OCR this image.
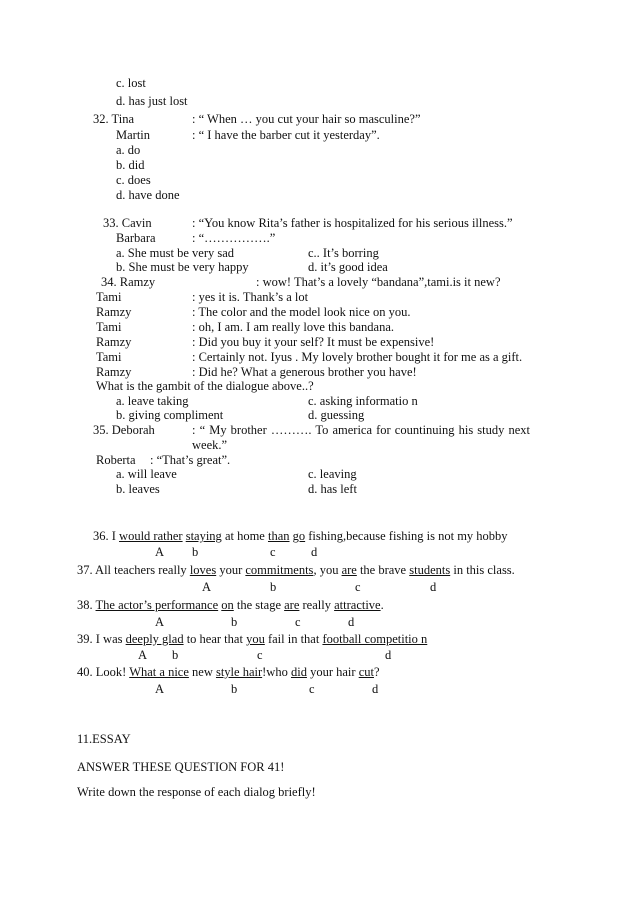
c. lost
d. has just lost
32. Tina	: “ When … you cut your hair so masculine?”
Martin	: “ I have the barber cut it yesterday”.
a. do
b. did
c. does
d. have done
33. Cavin	: “You know Rita’s father is hospitalized for his serious illness.”
Barbara	: “…………….”
a. She must be very sad	c.. It’s borring
b. She must be very happy	d. it’s good idea
34. Ramzy	: wow! That’s a lovely “bandana”,tami.is it new?
Tami	: yes it is. Thank’s a lot
Ramzy	: The color and the model look nice on you.
Tami	: oh, I am. I am really love this bandana.
Ramzy	: Did you buy it your self? It must be expensive!
Tami	: Certainly not. Iyus . My lovely brother bought it for me as a gift.
Ramzy	: Did he? What a generous brother you have!
What is the gambit of the dialogue above..?
a. leave taking	c. asking informatio n
b. giving compliment	d. guessing
35. Deborah	: “ My brother ………. To america for countinuing his study next
week.”
Roberta : “That’s great”.
a. will leave	c. leaving
b. leaves	d. has left
36. I would rather staying at home than go fishing,because fishing is not my hobby
A b	c	d
37. All teachers really loves your commitments, you are the brave students in this class.
A	b	c	d
38. The actor’s performance on the stage are really attractive.
A	b	c	d
39. I was deeply glad to hear that you fail in that football competitio n
A b	c	d
40. Look! What a nice new style hair!who did your hair cut?
A	b	c	d
11.ESSAY
ANSWER THESE QUESTION FOR 41!
Write down the response of each dialog briefly!
